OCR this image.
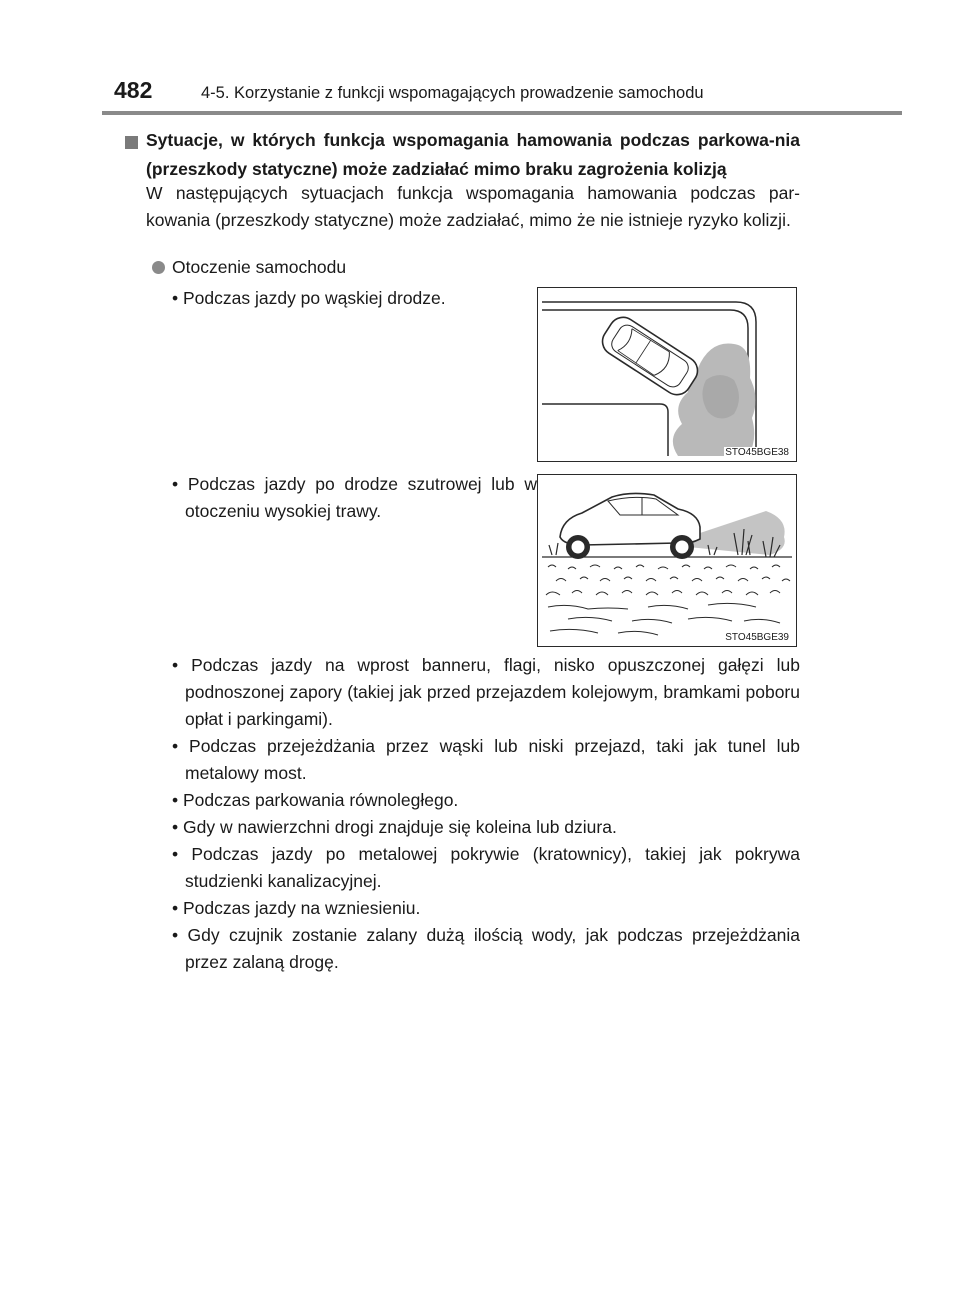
482	4-5. Korzystanie z funkcji wspomagających prowadzenie samochodu
Sytuacje, w których funkcja wspomagania hamowania podczas parkowa-nia (przeszkody statyczne) może zadziałać mimo braku zagrożenia kolizją
W następujących sytuacjach funkcja wspomagania hamowania podczas par-kowania (przeszkody statyczne) może zadziałać, mimo że nie istnieje ryzyko kolizji.
Otoczenie samochodu
• Podczas jazdy po wąskiej drodze.
STO45BGE38
• Podczas jazdy po drodze szutrowej lub w otoczeniu wysokiej trawy.
STO45BGE39
• Podczas jazdy na wprost banneru, flagi, nisko opuszczonej gałęzi lub podnoszonej zapory (takiej jak przed przejazdem kolejowym, bramkami poboru opłat i parkingami).
• Podczas przejeżdżania przez wąski lub niski przejazd, taki jak tunel lub metalowy most.
• Podczas parkowania równoległego.
• Gdy w nawierzchni drogi znajduje się koleina lub dziura.
• Podczas jazdy po metalowej pokrywie (kratownicy), takiej jak pokrywa studzienki kanalizacyjnej.
• Podczas jazdy na wzniesieniu.
• Gdy czujnik zostanie zalany dużą ilością wody, jak podczas przejeżdżania przez zalaną drogę.
